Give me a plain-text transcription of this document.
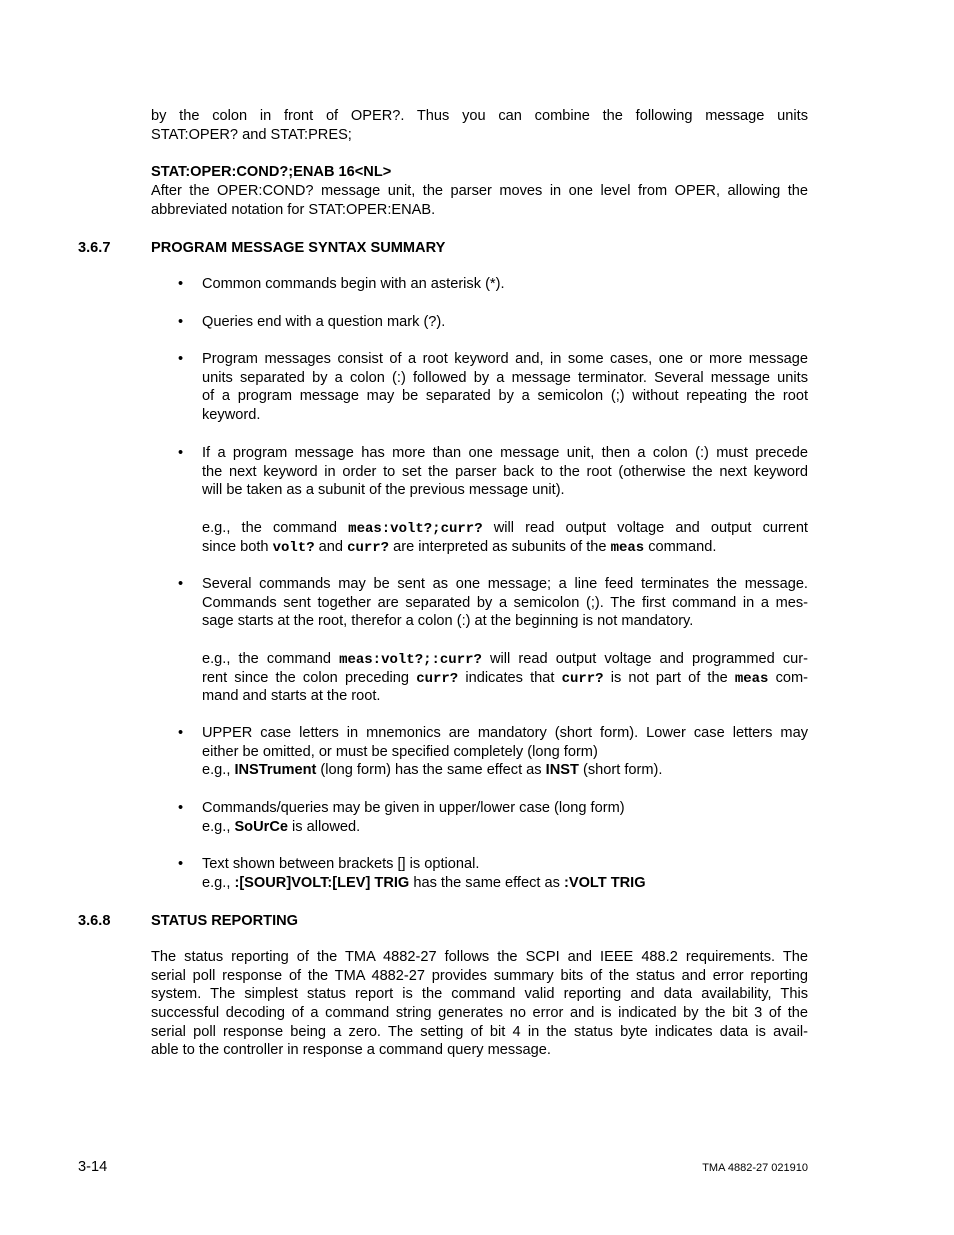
by the colon in front of OPER?. Thus you can combine the following message units
STAT:OPER? and STAT:PRES;
STAT:OPER:COND?;ENAB 16<NL>
After the OPER:COND? message unit, the parser moves in one level from OPER, allowing the
abbreviated notation for STAT:OPER:ENAB.
3.6.7	PROGRAM MESSAGE SYNTAX SUMMARY
• Common commands begin with an asterisk (*).
• Queries end with a question mark (?).
• Program messages consist of a root keyword and, in some cases, one or more message
units separated by a colon (:) followed by a message terminator. Several message units
of a program message may be separated by a semicolon (;) without repeating the root
keyword.
• If a program message has more than one message unit, then a colon (:) must precede
the next keyword in order to set the parser back to the root (otherwise the next keyword
will be taken as a subunit of the previous message unit).
e.g., the command meas:volt?;curr? will read output voltage and output current
since both volt? and curr? are interpreted as subunits of the meas command.
• Several commands may be sent as one message; a line feed terminates the message.
Commands sent together are separated by a semicolon (;). The first command in a mes-
sage starts at the root, therefor a colon (:) at the beginning is not mandatory.
e.g., the command meas:volt?;:curr? will read output voltage and programmed cur-
rent since the colon preceding curr? indicates that curr? is not part of the meas com-
mand and starts at the root.
• UPPER case letters in mnemonics are mandatory (short form). Lower case letters may
either be omitted, or must be specified completely (long form)
e.g., INSTrument (long form) has the same effect as INST (short form).
• Commands/queries may be given in upper/lower case (long form)
e.g., SoUrCe is allowed.
• Text shown between brackets [] is optional.
e.g., :[SOUR]VOLT:[LEV] TRIG has the same effect as :VOLT TRIG
3.6.8	STATUS REPORTING
The status reporting of the TMA 4882-27 follows the SCPI and IEEE 488.2 requirements. The
serial poll response of the TMA 4882-27 provides summary bits of the status and error reporting
system. The simplest status report is the command valid reporting and data availability, This
successful decoding of a command string generates no error and is indicated by the bit 3 of the
serial poll response being a zero. The setting of bit 4 in the status byte indicates data is avail-
able to the controller in response a command query message.
3-14	TMA 4882-27 021910
